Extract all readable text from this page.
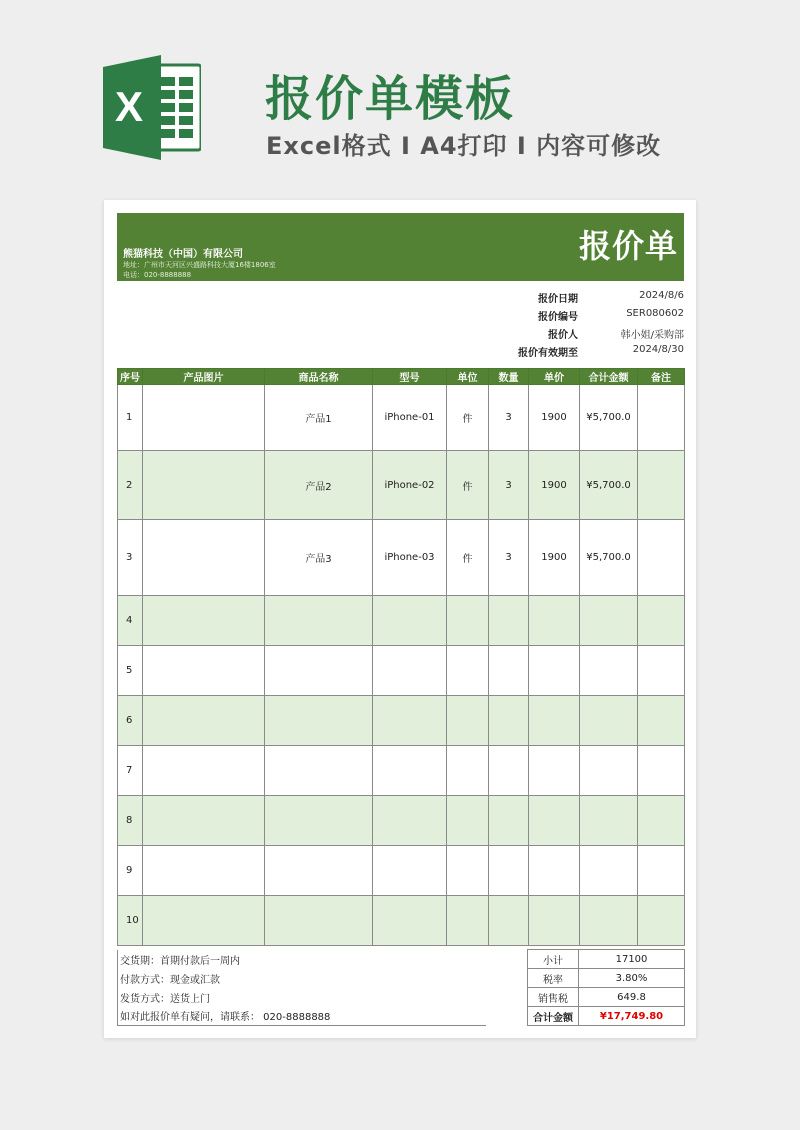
X	报价单模板
Excel格式 I A4打印 I 内容可修改
熊猫科技（中国）有限公司
地址：广州市天河区兴盛路科技大厦16楼1806室
电话：020-8888888
报价单
报价日期	2024/8/6
报价编号	SER080602
报价人	韩小姐/采购部
报价有效期至	2024/8/30
序号	产品图片	商品名称	型号	单位	数量	单价	合计金额	备注
1		产品1	iPhone-01	件	3	1900	¥5,700.0	
2		产品2	iPhone-02	件	3	1900	¥5,700.0	
3		产品3	iPhone-03	件	3	1900	¥5,700.0	
4								
5								
6								
7								
8								
9								
10								
交货期：首期付款后一周内		小计	17100
付款方式：现金或汇款		税率	3.80%
发货方式：送货上门		销售税	649.8
如对此报价单有疑问，请联系： 020-8888888		合计金额	¥17,749.80
